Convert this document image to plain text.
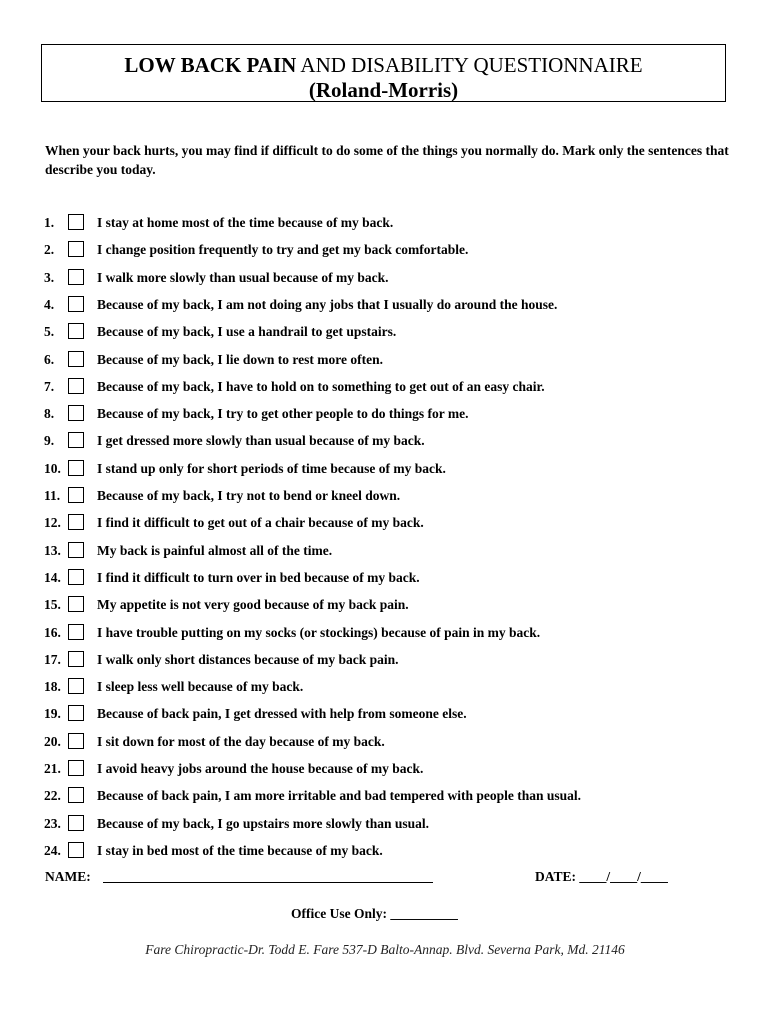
LOW BACK PAIN AND DISABILITY QUESTIONNAIRE
(Roland-Morris)
When your back hurts, you may find if difficult to do some of the things you normally do. Mark only the sentences that describe you today.
1.	I stay at home most of the time because of my back.
2.	I change position frequently to try and get my back comfortable.
3.	I walk more slowly than usual because of my back.
4.	Because of my back, I am not doing any jobs that I usually do around the house.
5.	Because of my back, I use a handrail to get upstairs.
6.	Because of my back, I lie down to rest more often.
7.	Because of my back, I have to hold on to something to get out of an easy chair.
8.	Because of my back, I try to get other people to do things for me.
9.	I get dressed more slowly than usual because of my back.
10.	I stand up only for short periods of time because of my back.
11.	Because of my back, I try not to bend or kneel down.
12.	I find it difficult to get out of a chair because of my back.
13.	My back is painful almost all of the time.
14.	I find it difficult to turn over in bed because of my back.
15.	My appetite is not very good because of my back pain.
16.	I have trouble putting on my socks (or stockings) because of pain in my back.
17.	I walk only short distances because of my back pain.
18.	I sleep less well because of my back.
19.	Because of back pain, I get dressed with help from someone else.
20.	I sit down for most of the day because of my back.
21.	I avoid heavy jobs around the house because of my back.
22.	Because of back pain, I am more irritable and bad tempered with people than usual.
23.	Because of my back, I go upstairs more slowly than usual.
24.	I stay in bed most of the time because of my back.
NAME:	DATE: ____/____/____
Office Use Only: __________
Fare Chiropractic-Dr. Todd E. Fare 537-D Balto-Annap. Blvd. Severna Park, Md. 21146
